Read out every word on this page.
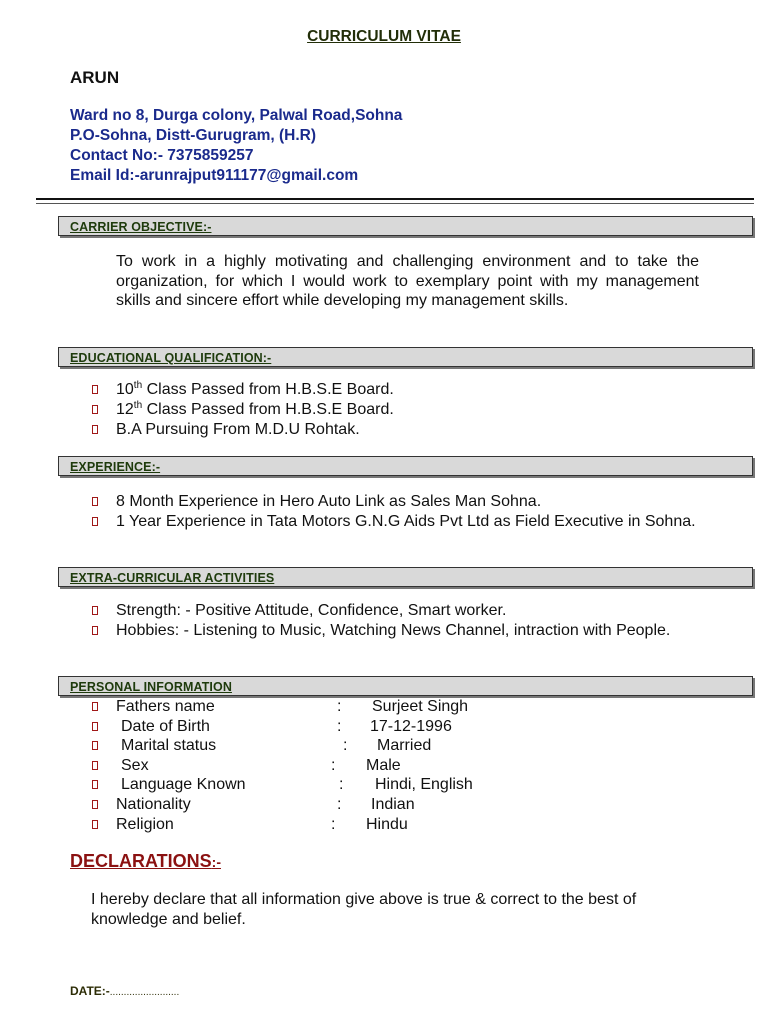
CURRICULUM VITAE
ARUN
Ward no 8, Durga colony, Palwal Road,Sohna
P.O-Sohna, Distt-Gurugram, (H.R)
Contact No:- 7375859257
Email Id:-arunrajput911177@gmail.com
CARRIER OBJECTIVE:-
To work in a highly motivating and challenging environment and to take the organization, for which I would work to exemplary point with my management skills and sincere effort while developing my management skills.
EDUCATIONAL QUALIFICATION:-
10th Class Passed from H.B.S.E Board.
12th Class Passed from H.B.S.E Board.
B.A Pursuing From M.D.U Rohtak.
EXPERIENCE:-
8 Month Experience in Hero Auto Link as Sales Man Sohna.
1 Year Experience in Tata Motors G.N.G Aids Pvt Ltd as Field Executive in Sohna.
EXTRA-CURRICULAR ACTIVITIES
Strength: - Positive Attitude, Confidence, Smart worker.
Hobbies: - Listening to Music, Watching News Channel, intraction with People.
PERSONAL INFORMATION
Fathers name	: Surjeet Singh
Date of Birth	: 17-12-1996
Marital status	: Married
Sex	: Male
Language Known	: Hindi, English
Nationality	: Indian
Religion	: Hindu
DECLARATIONS:-
I hereby declare that all information give above is true & correct to the best of knowledge and belief.
DATE:-.........................
